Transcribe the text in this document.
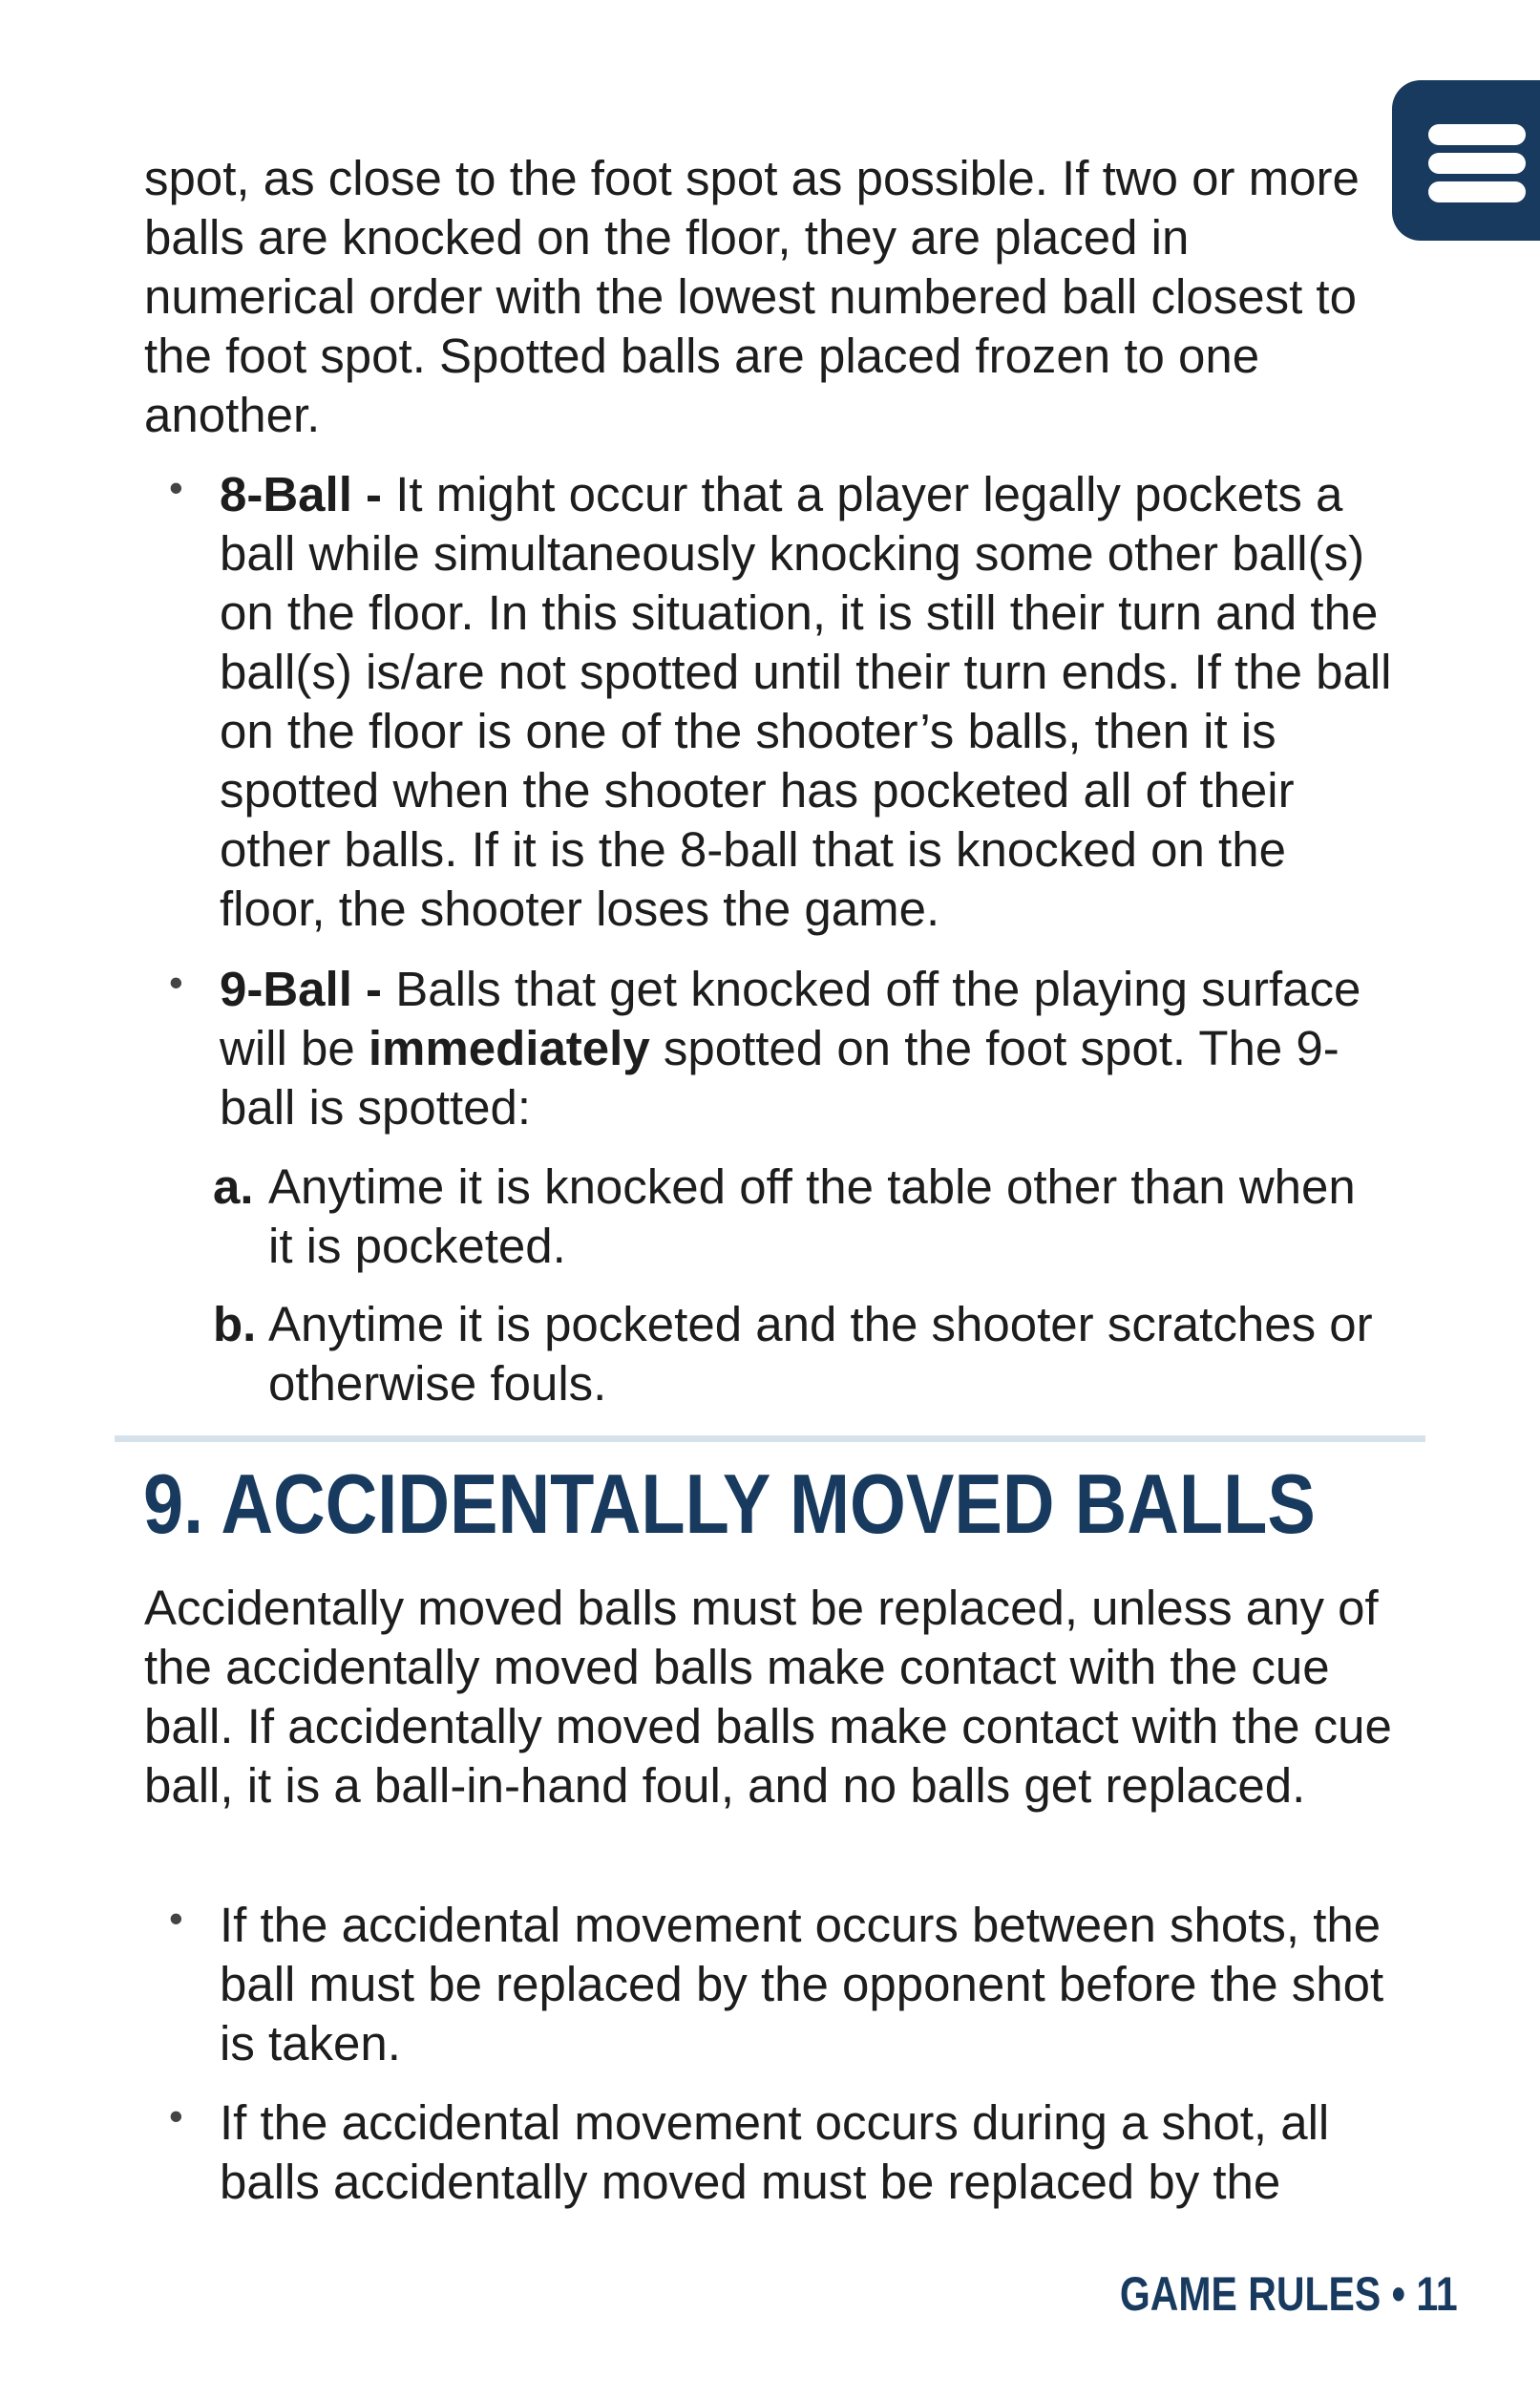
spot, as close to the foot spot as possible. If two or more balls are knocked on the floor, they are placed in numerical order with the lowest numbered ball closest to the foot spot. Spotted balls are placed frozen to one another.

• 8-Ball - It might occur that a player legally pockets a ball while simultaneously knocking some other ball(s) on the floor. In this situation, it is still their turn and the ball(s) is/are not spotted until their turn ends. If the ball on the floor is one of the shooter’s balls, then it is spotted when the shooter has pocketed all of their other balls. If it is the 8-ball that is knocked on the floor, the shooter loses the game.

• 9-Ball - Balls that get knocked off the playing surface will be immediately spotted on the foot spot. The 9-ball is spotted:

a. Anytime it is knocked off the table other than when it is pocketed.

b. Anytime it is pocketed and the shooter scratches or otherwise fouls.

9. ACCIDENTALLY MOVED BALLS

Accidentally moved balls must be replaced, unless any of the accidentally moved balls make contact with the cue ball. If accidentally moved balls make contact with the cue ball, it is a ball-in-hand foul, and no balls get replaced.

• If the accidental movement occurs between shots, the ball must be replaced by the opponent before the shot is taken.

• If the accidental movement occurs during a shot, all balls accidentally moved must be replaced by the

GAME RULES • 11
